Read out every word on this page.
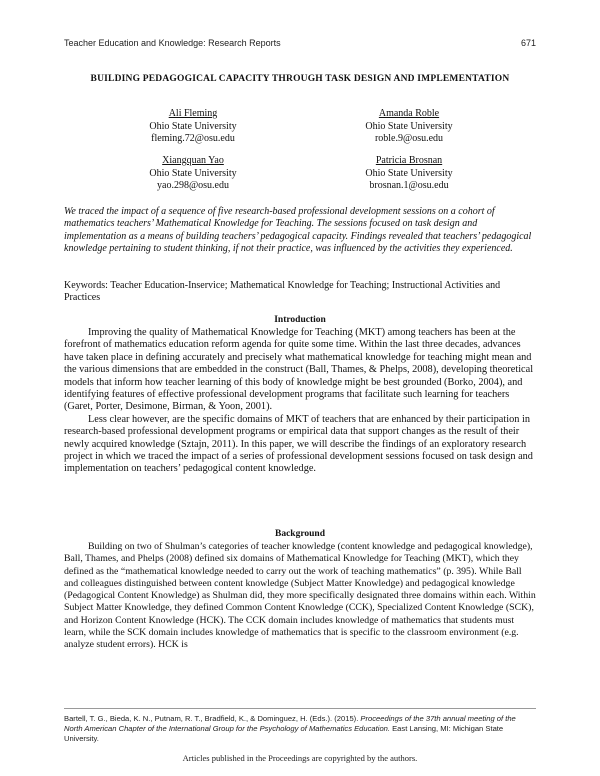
Teacher Education and Knowledge: Research Reports	671
BUILDING PEDAGOGICAL CAPACITY THROUGH TASK DESIGN AND IMPLEMENTATION
Ali Fleming
Ohio State University
fleming.72@osu.edu
Amanda Roble
Ohio State University
roble.9@osu.edu
Xiangquan Yao
Ohio State University
yao.298@osu.edu
Patricia Brosnan
Ohio State University
brosnan.1@osu.edu
We traced the impact of a sequence of five research-based professional development sessions on a cohort of mathematics teachers’ Mathematical Knowledge for Teaching. The sessions focused on task design and implementation as a means of building teachers’ pedagogical capacity. Findings revealed that teachers’ pedagogical knowledge pertaining to student thinking, if not their practice, was influenced by the activities they experienced.
Keywords: Teacher Education-Inservice; Mathematical Knowledge for Teaching; Instructional Activities and Practices
Introduction

Improving the quality of Mathematical Knowledge for Teaching (MKT) among teachers has been at the forefront of mathematics education reform agenda for quite some time. Within the last three decades, advances have taken place in defining accurately and precisely what mathematical knowledge for teaching might mean and the various dimensions that are embedded in the construct (Ball, Thames, & Phelps, 2008), developing theoretical models that inform how teacher learning of this body of knowledge might be best grounded (Borko, 2004), and identifying features of effective professional development programs that facilitate such learning for teachers (Garet, Porter, Desimone, Birman, & Yoon, 2001).

Less clear however, are the specific domains of MKT of teachers that are enhanced by their participation in research-based professional development programs or empirical data that support changes as the result of their newly acquired knowledge (Sztajn, 2011). In this paper, we will describe the findings of an exploratory research project in which we traced the impact of a series of professional development sessions focused on task design and implementation on teachers’ pedagogical content knowledge.

Background

Building on two of Shulman’s categories of teacher knowledge (content knowledge and pedagogical knowledge), Ball, Thames, and Phelps (2008) defined six domains of Mathematical Knowledge for Teaching (MKT), which they defined as the “mathematical knowledge needed to carry out the work of teaching mathematics” (p. 395). While Ball and colleagues distinguished between content knowledge (Subject Matter Knowledge) and pedagogical knowledge (Pedagogical Content Knowledge) as Shulman did, they more specifically designated three domains within each. Within Subject Matter Knowledge, they defined Common Content Knowledge (CCK), Specialized Content Knowledge (SCK), and Horizon Content Knowledge (HCK). The CCK domain includes knowledge of mathematics that students must learn, while the SCK domain includes knowledge of mathematics that is specific to the classroom environment (e.g. analyze student errors). HCK is

Bartell, T. G., Bieda, K. N., Putnam, R. T., Bradfield, K., & Dominguez, H. (Eds.). (2015). Proceedings of the 37th annual meeting of the North American Chapter of the International Group for the Psychology of Mathematics Education. East Lansing, MI: Michigan State University.
Articles published in the Proceedings are copyrighted by the authors.
